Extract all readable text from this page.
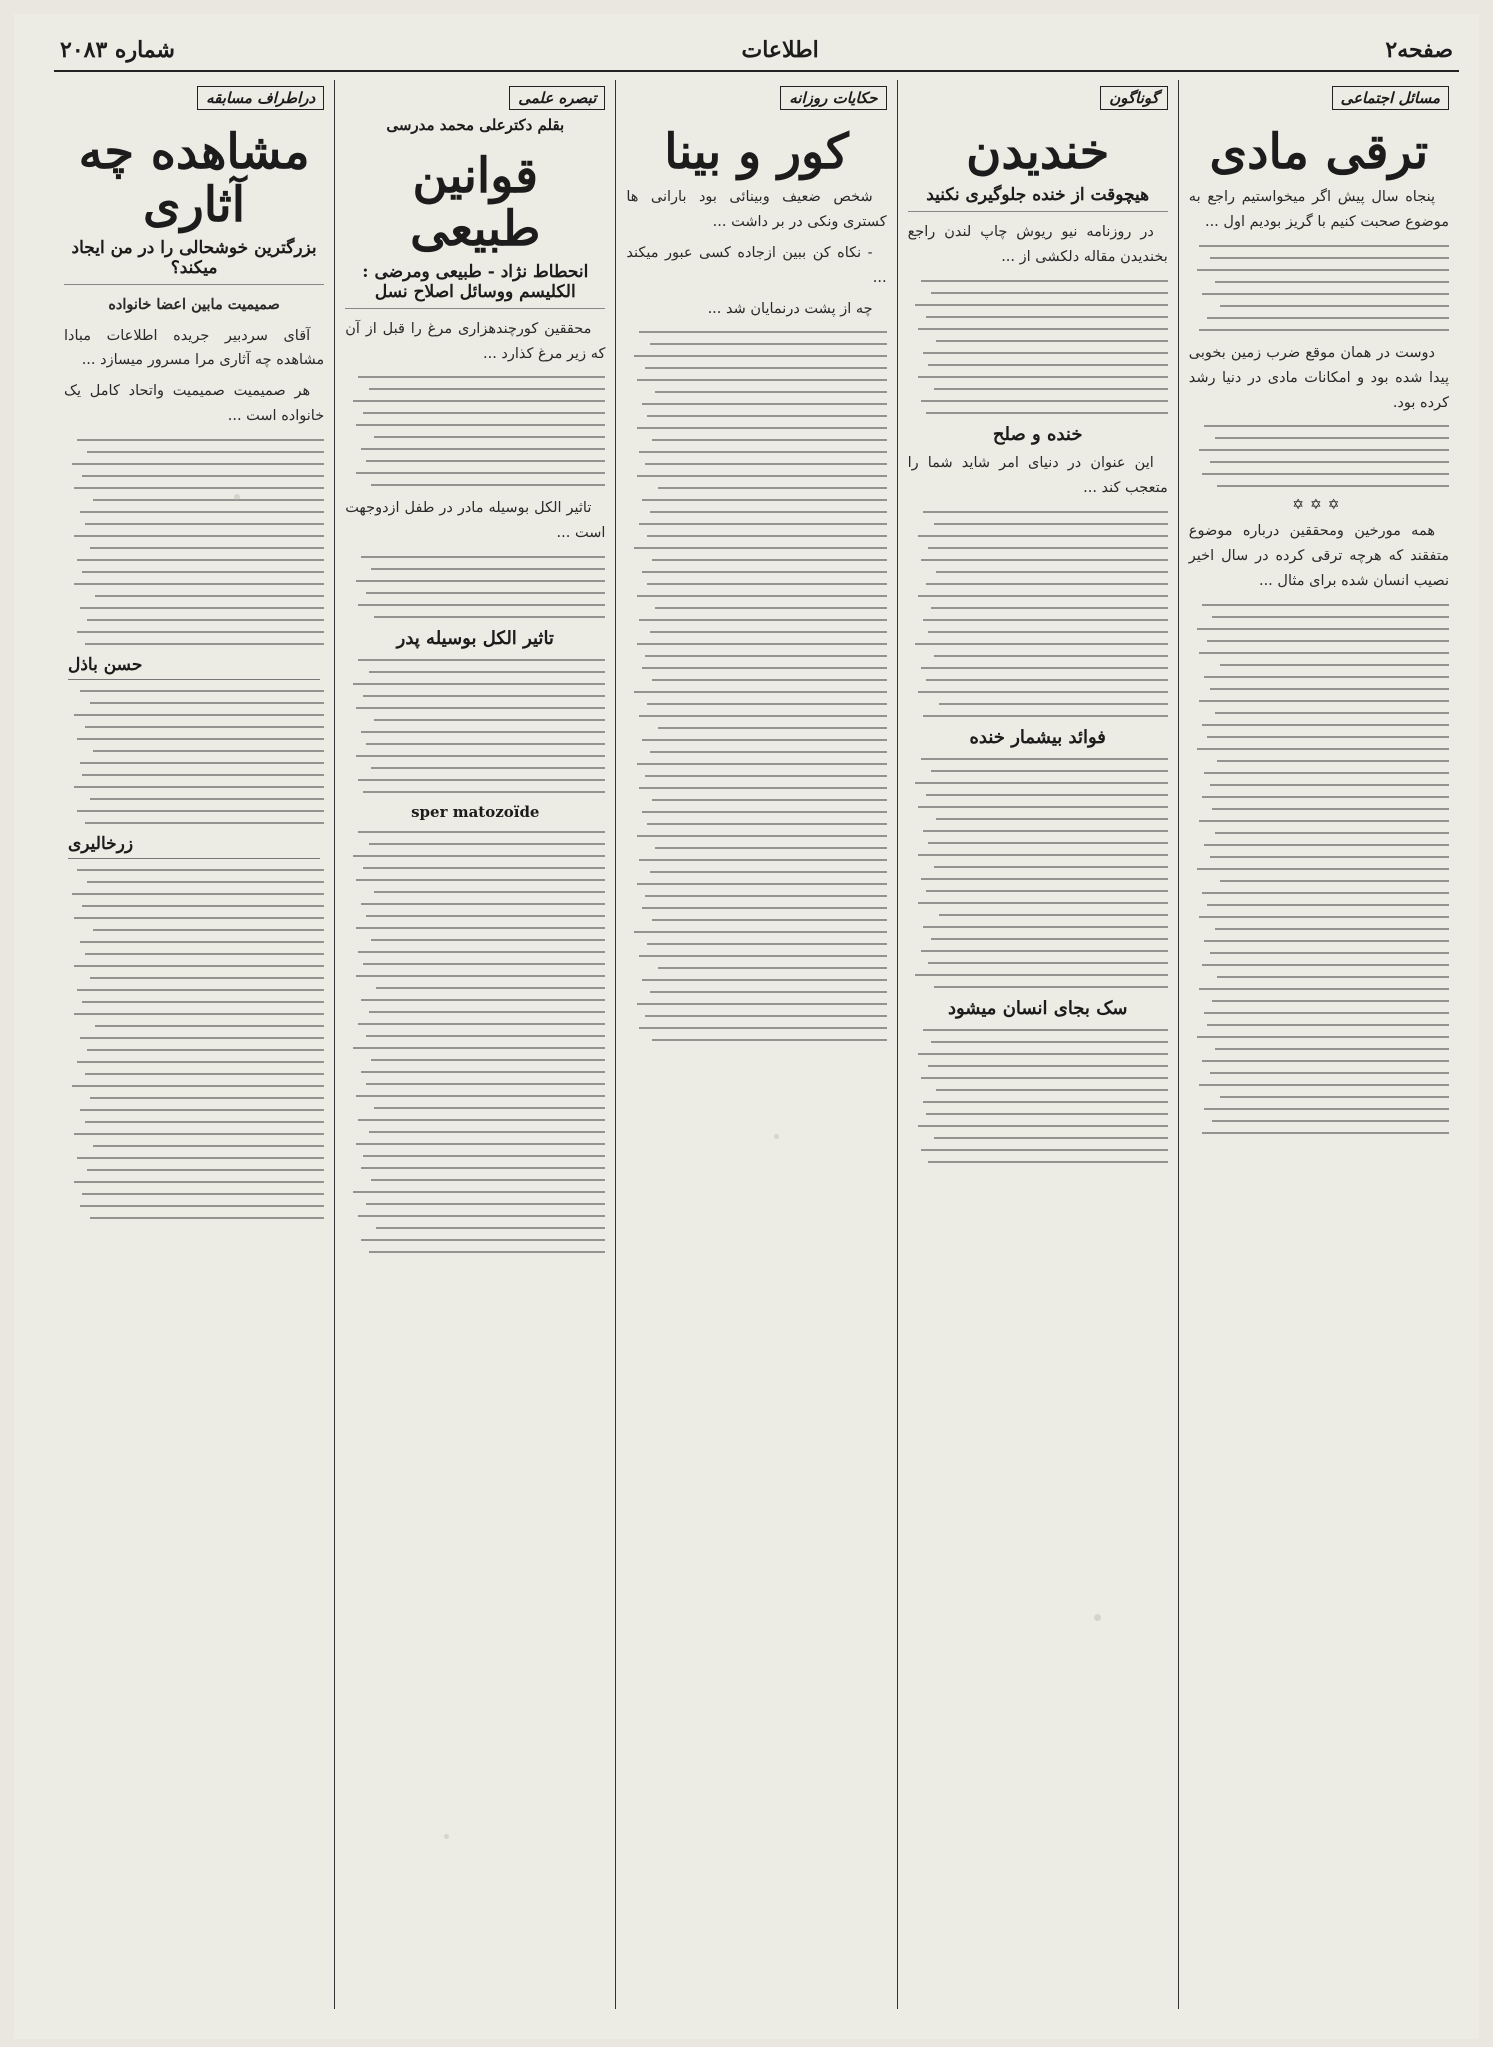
صفحه۲
اطلاعات
شماره ۲۰۸۳
مسائل اجتماعی
ترقی مادی

پنجاه سال پیش اگر میخواستیم راجع به موضوع صحبت کنیم با گریز بودیم اول ...

دوست در همان موقع ضرب زمین بخوبی پیدا شده بود و امکانات مادی در دنیا رشد کرده بود.

✡✡✡

همه مورخین ومحققین درباره موضوع متفقند که هرچه ترقی کرده در سال اخیر نصیب انسان شده برای مثال ...

گوناگون
خندیدن
هیچوقت از خنده جلوگیری نکنید

در روزنامه نیو ریوش چاپ لندن راجع بخندیدن مقاله دلکشی از ...

خنده و صلح

این عنوان در دنیای امر شاید شما را متعجب کند ...

فوائد بیشمار خنده
سک بجای انسان میشود
حکایات روزانه
کور و بینا

شخص ضعیف وبینائی بود بارانی ها کستری ونکی در بر داشت ...

- نکاه کن ببین ازجاده کسی عبور میکند ...

چه از پشت درنمایان شد ...

تبصره علمی
بقلم دکترعلی محمد مدرسی
قوانین طبیعی
انحطاط نژاد - طبیعی ومرضی : الکلیسم ووسائل اصلاح نسل

محققین کورچندهزاری مرغ را قبل از آن که زیر مرغ کذارد ...

تاثیر الکل بوسیله مادر در طفل ازدوجهت است ...

تاثیر الکل بوسیله پدر
sper matozoïde
دراطراف مسابقه
مشاهده چه آثاری
بزرگترین خوشحالی را در من ایجاد میکند؟

صمیمیت مابین اعضا خانواده

آقای سردبیر جریده اطلاعات مبادا مشاهده چه آثاری مرا مسرور میسازد ...

هر صمیمیت صمیمیت واتحاد کامل یک خانواده است ...

حسن باذل
زرخالیری
